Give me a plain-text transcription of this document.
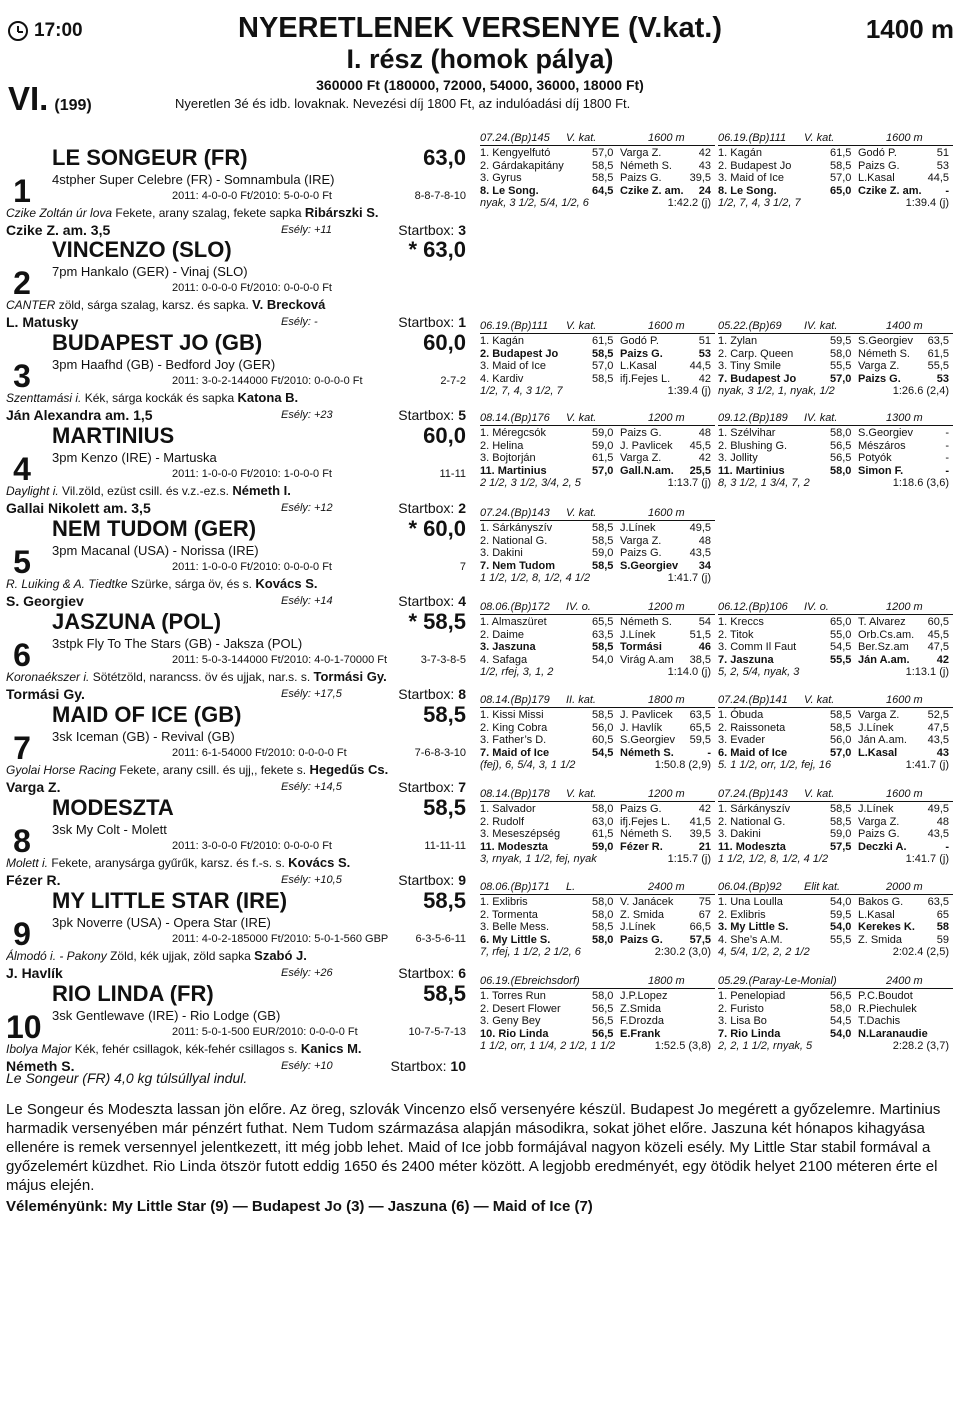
17:00	NYERETLENEK VERSENYE (V.kat.)	1400 m
I. rész (homok pálya)
360000 Ft (180000, 72000, 54000, 36000, 18000 Ft)
VI. (199)	Nyeretlen 3é és idb. lovaknak. Nevezési díj 1800 Ft, az indulóadási díj 1800 Ft.
LE SONGEUR (FR)	63,0
1	4stpher Super Celebre (FR) - Somnambula (IRE)
2011: 4-0-0-0 Ft/2010: 5-0-0-0 Ft	8-8-7-8-10
Czike Zoltán úr lova Fekete, arany szalag, fekete sapka Ribárszki S.
Czike Z. am. 3,5	Esély: +11	Startbox: 3
VINCENZO (SLO)	* 63,0
2	7pm Hankalo (GER) - Vinaj (SLO)
2011: 0-0-0-0 Ft/2010: 0-0-0-0 Ft
CANTER zöld, sárga szalag, karsz. és sapka. V. Brecková
L. Matusky	Esély: -	Startbox: 1
BUDAPEST JO (GB)	60,0
3	3pm Haafhd (GB) - Bedford Joy (GER)
2011: 3-0-2-144000 Ft/2010: 0-0-0-0 Ft	2-7-2
Szenttamási i. Kék, sárga kockák és sapka Katona B.
Ján Alexandra am. 1,5	Esély: +23	Startbox: 5
MARTINIUS	60,0
4	3pm Kenzo (IRE) - Martuska
2011: 1-0-0-0 Ft/2010: 1-0-0-0 Ft	11-11
Daylight i. Vil.zöld, ezüst csill. és v.z.-ez.s. Németh I.
Gallai Nikolett am. 3,5	Esély: +12	Startbox: 2
NEM TUDOM (GER)	* 60,0
5	3pm Macanal (USA) - Norissa (IRE)
2011: 1-0-0-0 Ft/2010: 0-0-0-0 Ft	7
R. Luiking & A. Tiedtke Szürke, sárga öv, és s. Kovács S.
S. Georgiev	Esély: +14	Startbox: 4
JASZUNA (POL)	* 58,5
6	3stpk Fly To The Stars (GB) - Jaksza (POL)
2011: 5-0-3-144000 Ft/2010: 4-0-1-70000 Ft	3-7-3-8-5
Koronaékszer i. Sötétzöld, narancss. öv és ujjak, nar.s. s. Tormási Gy.
Tormási Gy.	Esély: +17,5	Startbox: 8
MAID OF ICE (GB)	58,5
7	3sk Iceman (GB) - Revival (GB)
2011: 6-1-54000 Ft/2010: 0-0-0-0 Ft	7-6-8-3-10
Gyolai Horse Racing Fekete, arany csill. és ujj,, fekete s. Hegedűs Cs.
Varga Z.	Esély: +14,5	Startbox: 7
MODESZTA	58,5
8	3sk My Colt - Molett
2011: 3-0-0-0 Ft/2010: 0-0-0-0 Ft	11-11-11
Molett i. Fekete, aranysárga gyűrűk, karsz. és f.-s. s. Kovács S.
Fézer R.	Esély: +10,5	Startbox: 9
MY LITTLE STAR (IRE)	58,5
9	3pk Noverre (USA) - Opera Star (IRE)
2011: 4-0-2-185000 Ft/2010: 5-0-1-560 GBP 6-3-5-6-11
Álmodó i. - Pakony Zöld, kék ujjak, zöld sapka Szabó J.
J. Havlík	Esély: +26	Startbox: 6
RIO LINDA (FR)	58,5
10 3sk Gentlewave (IRE) - Rio Lodge (GB)
2011: 5-0-1-500 EUR/2010: 0-0-0-0 Ft	10-7-5-7-13
Ibolya Major Kék, fehér csillagok, kék-fehér csillagos s. Kanics M.
Németh S.	Esély: +10	Startbox: 10
Le Songeur (FR) 4,0 kg túlsúllyal indul.
07.24.(Bp)145	V. kat.	1600 m
1. Kengyelfutó	57,0 Varga Z.	42
2. Gárdakapitány	58,5 Németh S. 43
3. Gyrus	58,5 Paizs G.	39,5
8. Le Song.	64,5 Czike Z. am. 24
nyak, 3 1/2, 5/4, 1/2, 6	1:42.2 (j)
06.19.(Bp)111	V. kat.	1600 m
1. Kagán	61,5 Godó P.	51
2. Budapest Jo	58,5 Paizs G.	53
3. Maid of Ice	57,0 L.Kasal	44,5
8. Le Song.	65,0 Czike Z. am. -
1/2, 7, 4, 3 1/2, 7	1:39.4 (j)
06.19.(Bp)111	V. kat.	1600 m
1. Kagán	61,5 Godó P.	51
2. Budapest Jo	58,5 Paizs G.	53
3. Maid of Ice	57,0 L.Kasal	44,5
4. Kardiv	58,5 ifj.Fejes L.	42
1/2, 7, 4, 3 1/2, 7	1:39.4 (j)
05.22.(Bp)69	IV. kat.	1400 m
1. Zylan	59,5 S.Georgiev 63,5
2. Carp. Queen	58,0 Németh S. 61,5
3. Tiny Smile	55,5 Varga Z.	55,5
7. Budapest Jo	57,0 Paizs G.	53
nyak, 3 1/2, 1, nyak, 1/2	1:26.6 (2,4)
08.14.(Bp)176	V. kat.	1200 m
1. Méregcsók	59,0 Paizs G.	48
2. Helina	59,0 J. Pavlicek 45,5
3. Bojtorján	61,5 Varga Z.	42
11. Martinius	57,0 Gall.N.am. 25,5
2 1/2, 3 1/2, 3/4, 2, 5	1:13.7 (j)
09.12.(Bp)189	IV. kat.	1300 m
1. Szélvihar	58,0 S.Georgiev	-
2. Blushing G.	56,5 Mészáros	-
3. Jollity	56,5 Potyók	-
11. Martinius	58,0 Simon F.	-
8, 3 1/2, 1 3/4, 7, 2	1:18.6 (3,6)
07.24.(Bp)143	V. kat.	1600 m
1. Sárkányszív	58,5 J.Línek	49,5
2. National G.	58,5 Varga Z.	48
3. Dakini	59,0 Paizs G.	43,5
7. Nem Tudom	58,5 S.Georgiev 34
1 1/2, 1/2, 8, 1/2, 4 1/2	1:41.7 (j)
08.06.(Bp)172	IV. o.	1200 m
1. Almaszüret	65,5 Németh S. 54
2. Daime	63,5 J.Línek	51,5
3. Jaszuna	58,5 Tormási	46
4. Safaga	54,0 Virág A.am 38,5
1/2, rfej, 3, 1, 2	1:14.0 (j)
06.12.(Bp)106	IV. o.	1200 m
1. Kreccs	65,0 T. Alvarez 60,5
2. Titok	55,0 Orb.Cs.am. 45,5
3. Comm Il Faut	54,5 Ber.Sz.am 47,5
7. Jaszuna	55,5 Ján A.am. 42
5, 2, 5/4, nyak, 3	1:13.1 (j)
08.14.(Bp)179	II. kat.	1800 m
1. Kissi Missi	58,5 J. Pavlicek 63,5
2. King Cobra	56,0 J. Havlík 65,5
3. Father’s D.	60,5 S.Georgiev 59,5
7. Maid of Ice	54,5 Németh S.	-
(fej), 6, 5/4, 3, 1 1/2	1:50.8 (2,9)
07.24.(Bp)141	V. kat.	1600 m
1. Óbuda	58,5 Varga Z.	52,5
2. Raissoneta	58,5 J.Línek	47,5
3. Evader	56,0 Ján A.am. 43,5
6. Maid of Ice	57,0 L.Kasal	43
5. 1 1/2, orr, 1/2, fej, 16	1:41.7 (j)
08.14.(Bp)178	V. kat.	1200 m
1. Salvador	58,0 Paizs G.	42
2. Rudolf	63,0 ifj.Fejes L. 41,5
3. Meseszépség	61,5 Németh S. 39,5
11. Modeszta	59,0 Fézer R.	21
3, rnyak, 1 1/2, fej, nyak	1:15.7 (j)
07.24.(Bp)143	V. kat.	1600 m
1. Sárkányszív	58,5 J.Línek	49,5
2. National G.	58,5 Varga Z.	48
3. Dakini	59,0 Paizs G.	43,5
11. Modeszta	57,5 Deczki A.	-
1 1/2, 1/2, 8, 1/2, 4 1/2	1:41.7 (j)
08.06.(Bp)171	L.	2400 m
1. Exlibris	58,0 V. Janácek 75
2. Tormenta	58,0 Z. Smida	67
3. Belle Mess.	58,5 J.Línek	66,5
6. My Little S.	58,0 Paizs G. 57,5
7, rfej, 1 1/2, 2 1/2, 6	2:30.2 (3,0)
06.04.(Bp)92	Elit kat.	2000 m
1. Una Loulla	54,0 Bakos G. 63,5
2. Exlibris	59,5 L.Kasal	65
3. My Little S.	54,0 Kerekes K. 58
4. She’s A.M.	55,5 Z. Smida	59
4, 5/4, 1/2, 2, 2 1/2	2:02.4 (2,5)
06.19.(Ebreichsdorf)	1800 m
1. Torres Run	58,0 J.P.Lopez
2. Desert Flower	56,5 Z.Smida
3. Geny Bey	56,5 F.Drozda
10. Rio Linda	56,5 E.Frank
1 1/2, orr, 1 1/4, 2 1/2, 1 1/2	1:52.5 (3,8)
05.29.(Paray-Le-Monial)	2400 m
1. Penelopiad	56,5 P.C.Boudot
2. Furisto	58,0 R.Piechulek
3. Lisa Bo	54,5 T.Dachis
7. Rio Linda	54,0 N.Laranaudie
2, 2, 1 1/2, rnyak, 5	2:28.2 (3,7)
Le Songeur és Modeszta lassan jön előre. Az öreg, szlovák Vincenzo első versenyére készül. Budapest Jo megérett a győzelemre. Martinius harmadik versenyében már pénzért futhat. Nem Tudom származása alapján másodikra, sokat jöhet előre. Jaszuna két hónapos kihagyása ellenére is remek versennyel jelentkezett, itt még jobb lehet. Maid of Ice jobb formájával nagyon közeli esély. My Little Star stabil formával a győzelemért küzdhet. Rio Linda ötször futott eddig 1650 és 2400 méter között. A legjobb eredményét, egy ötödik helyet 2100 méteren érte el május elején.
Véleményünk: My Little Star (9) — Budapest Jo (3) — Jaszuna (6) — Maid of Ice (7)
